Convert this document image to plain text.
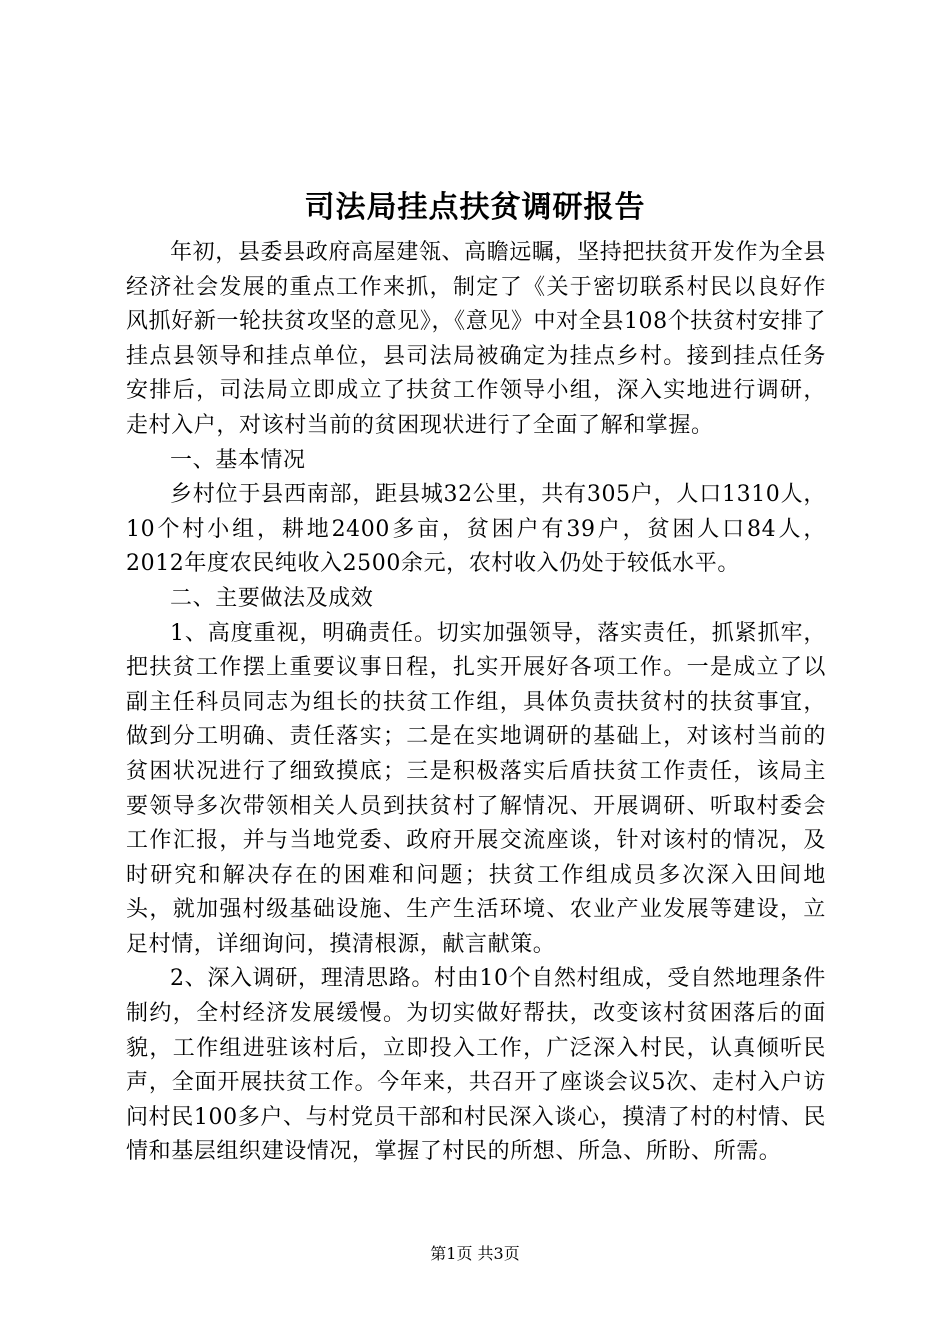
司法局挂点扶贫调研报告

年初，县委县政府高屋建瓴、高瞻远瞩，坚持把扶贫开发作为全县经济社会发展的重点工作来抓，制定了《关于密切联系村民以良好作风抓好新一轮扶贫攻坚的意见》，《意见》中对全县108个扶贫村安排了挂点县领导和挂点单位，县司法局被确定为挂点乡村。接到挂点任务安排后，司法局立即成立了扶贫工作领导小组，深入实地进行调研，走村入户，对该村当前的贫困现状进行了全面了解和掌握。

一、基本情况

乡村位于县西南部，距县城32公里，共有305户，人口1310人，10个村小组，耕地2400多亩，贫困户有39户，贫困人口84人，2012年度农民纯收入2500余元，农村收入仍处于较低水平。

二、主要做法及成效

1、高度重视，明确责任。切实加强领导，落实责任，抓紧抓牢，把扶贫工作摆上重要议事日程，扎实开展好各项工作。一是成立了以副主任科员同志为组长的扶贫工作组，具体负责扶贫村的扶贫事宜，做到分工明确、责任落实；二是在实地调研的基础上，对该村当前的贫困状况进行了细致摸底；三是积极落实后盾扶贫工作责任，该局主要领导多次带领相关人员到扶贫村了解情况、开展调研、听取村委会工作汇报，并与当地党委、政府开展交流座谈，针对该村的情况，及时研究和解决存在的困难和问题；扶贫工作组成员多次深入田间地头，就加强村级基础设施、生产生活环境、农业产业发展等建设，立足村情，详细询问，摸清根源，献言献策。

2、深入调研，理清思路。村由10个自然村组成，受自然地理条件制约，全村经济发展缓慢。为切实做好帮扶，改变该村贫困落后的面貌，工作组进驻该村后，立即投入工作，广泛深入村民，认真倾听民声，全面开展扶贫工作。今年来，共召开了座谈会议5次、走村入户访问村民100多户、与村党员干部和村民深入谈心，摸清了村的村情、民情和基层组织建设情况，掌握了村民的所想、所急、所盼、所需。

第1页 共3页
